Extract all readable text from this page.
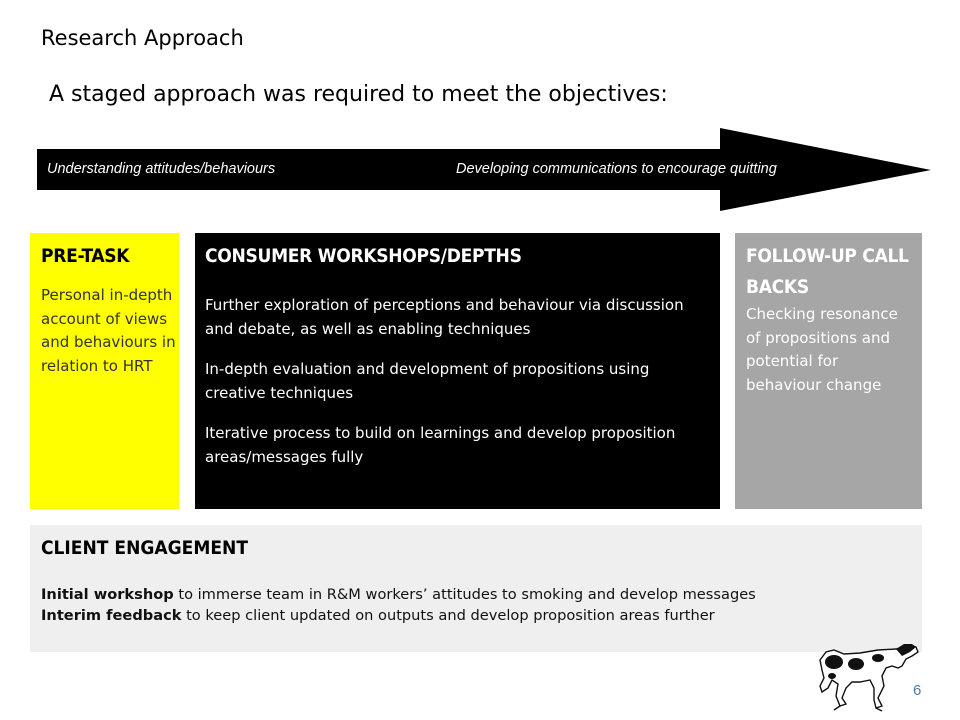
Research Approach
A staged approach was required to meet the objectives:
Understanding attitudes/behaviours	Developing communications to encourage quitting
PRE-TASK
Personal in-depth account of views and behaviours in relation to HRT
CONSUMER WORKSHOPS/DEPTHS
Further exploration of perceptions and behaviour via discussion and debate, as well as enabling techniques
In-depth evaluation and development of propositions using creative techniques
Iterative process to build on learnings and develop proposition areas/messages fully
FOLLOW-UP CALL BACKS
Checking resonance of propositions and potential for behaviour change
CLIENT ENGAGEMENT
Initial workshop to immerse team in R&M workers’ attitudes to smoking and develop messages
Interim feedback to keep client updated on outputs and develop proposition areas further
6
